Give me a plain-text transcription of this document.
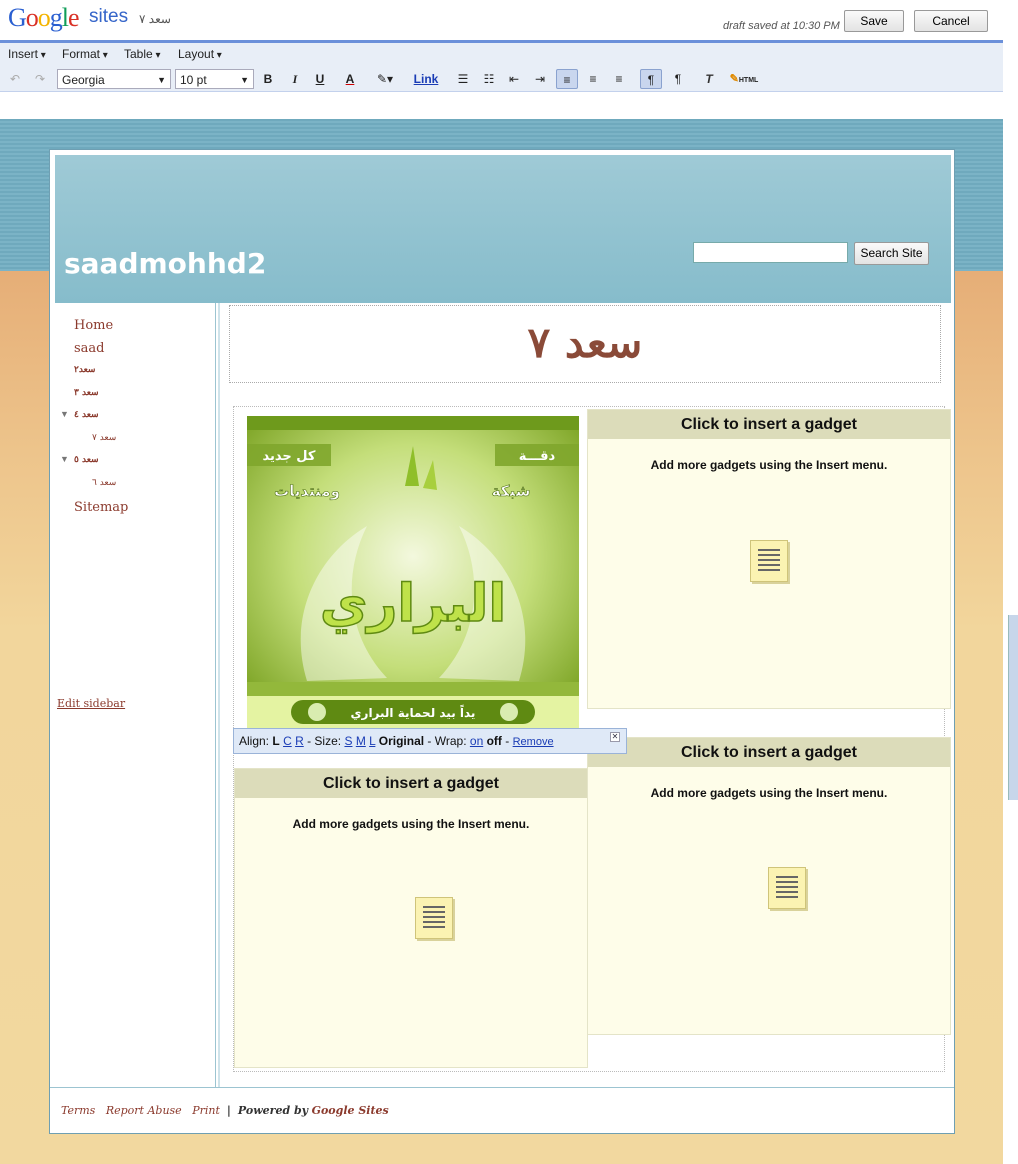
Google sites سعد ٧	draft saved at 10:30 PM	Save	Cancel
Insert ▾	Format ▾	Table ▾	Layout ▾
↶ ↷	Georgia ▼	10 pt ▼	B	I	U	A	✎▾	Link	☰	☷	⇤	⇥	≡	≡	≡	¶	¶	T	✎HTML
saadmohhd2	Search Site
Home
saad
سعد٢
سعد ٣
▼ سعد ٤
سعد ٧
▼ سعد ٥
سعد ٦
Sitemap
Edit sidebar
سعد ٧
Click to insert a gadget
Add more gadgets using the Insert menu.
Click to insert a gadget
Add more gadgets using the Insert menu.
Click to insert a gadget
Add more gadgets using the Insert menu.
كل جديد	دقـــة
ومنتديات	شبكة
البراري
يداً بيد لحماية البراري
Align: L C R - Size: S M L Original - Wrap: on off - Remove	✕
Terms Report Abuse Print | Powered by Google Sites
